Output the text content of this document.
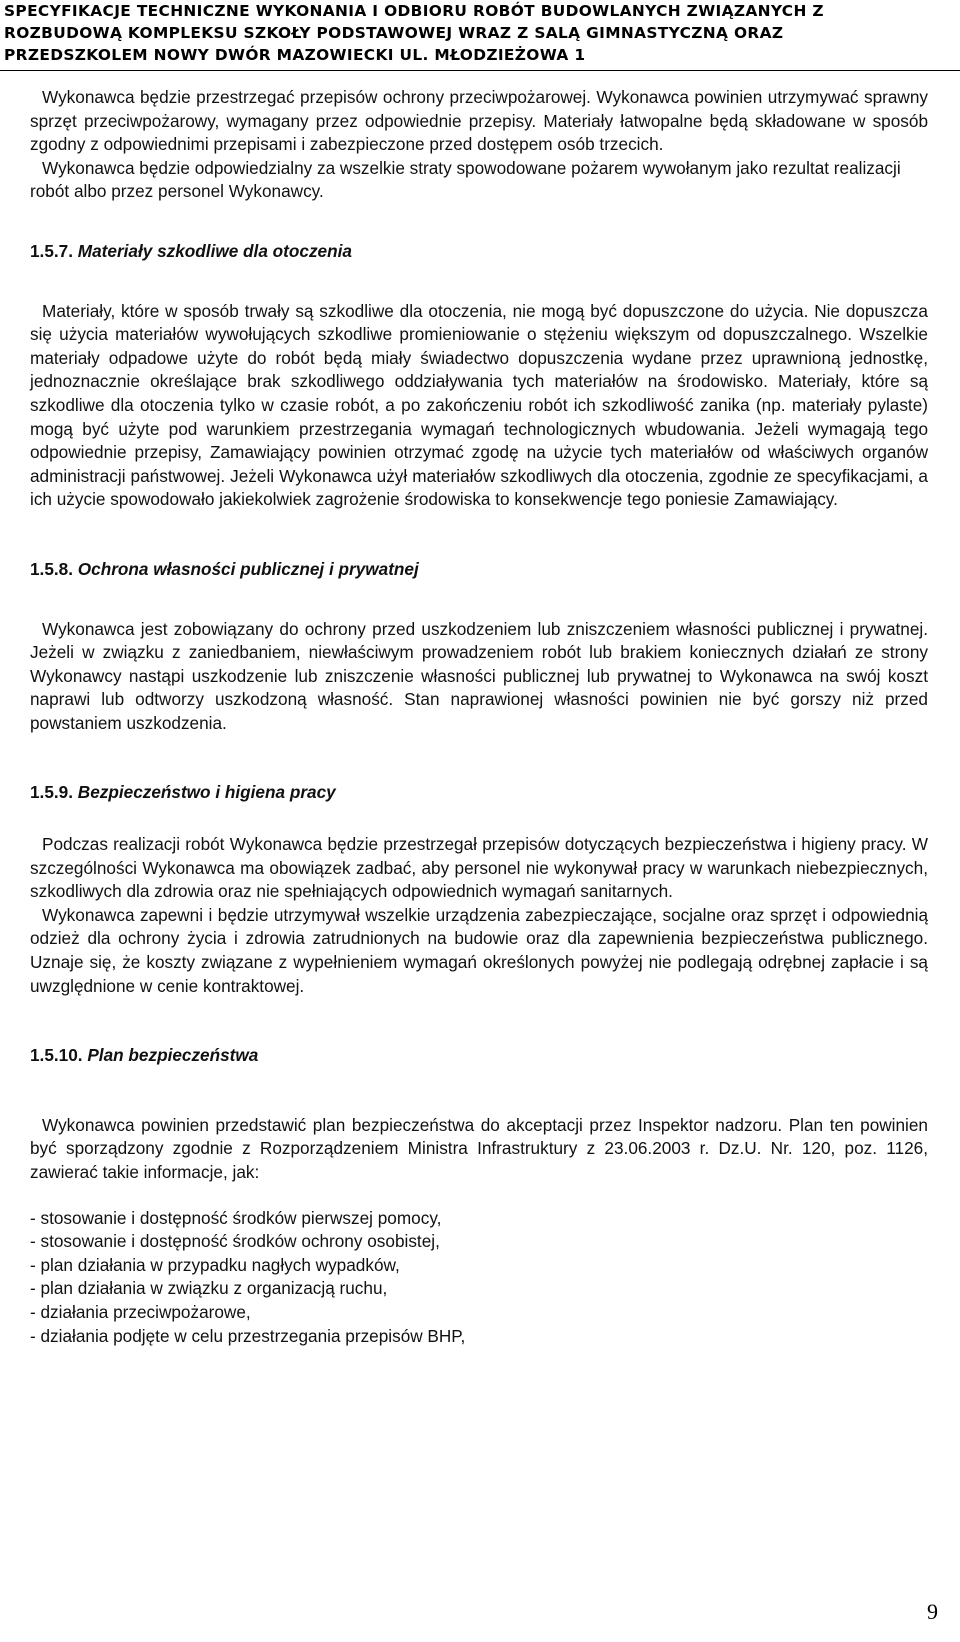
SPECYFIKACJE TECHNICZNE WYKONANIA I ODBIORU ROBÓT BUDOWLANYCH ZWIĄZANYCH Z
ROZBUDOWĄ KOMPLEKSU SZKOŁY PODSTAWOWEJ WRAZ Z SALĄ GIMNASTYCZNĄ ORAZ
PRZEDSZKOLEM NOWY DWÓR MAZOWIECKI UL. MŁODZIEŻOWA 1

Wykonawca będzie przestrzegać przepisów ochrony przeciwpożarowej. Wykonawca powinien utrzymywać sprawny sprzęt przeciwpożarowy, wymagany przez odpowiednie przepisy. Materiały łatwopalne będą składowane w sposób zgodny z odpowiednimi przepisami i zabezpieczone przed dostępem osób trzecich.

Wykonawca będzie odpowiedzialny za wszelkie straty spowodowane pożarem wywołanym jako rezultat realizacji robót albo przez personel Wykonawcy.

1.5.7. Materiały szkodliwe dla otoczenia

Materiały, które w sposób trwały są szkodliwe dla otoczenia, nie mogą być dopuszczone do użycia. Nie dopuszcza się użycia materiałów wywołujących szkodliwe promieniowanie o stężeniu większym od dopuszczalnego. Wszelkie materiały odpadowe użyte do robót będą miały świadectwo dopuszczenia wydane przez uprawnioną jednostkę, jednoznacznie określające brak szkodliwego oddziaływania tych materiałów na środowisko. Materiały, które są szkodliwe dla otoczenia tylko w czasie robót, a po zakończeniu robót ich szkodliwość zanika (np. materiały pylaste) mogą być użyte pod warunkiem przestrzegania wymagań technologicznych wbudowania. Jeżeli wymagają tego odpowiednie przepisy, Zamawiający powinien otrzymać zgodę na użycie tych materiałów od właściwych organów administracji państwowej. Jeżeli Wykonawca użył materiałów szkodliwych dla otoczenia, zgodnie ze specyfikacjami, a ich użycie spowodowało jakiekolwiek zagrożenie środowiska to konsekwencje tego poniesie Zamawiający.

1.5.8. Ochrona własności publicznej i prywatnej

Wykonawca jest zobowiązany do ochrony przed uszkodzeniem lub zniszczeniem własności publicznej i prywatnej. Jeżeli w związku z zaniedbaniem, niewłaściwym prowadzeniem robót lub brakiem koniecznych działań ze strony Wykonawcy nastąpi uszkodzenie lub zniszczenie własności publicznej lub prywatnej to Wykonawca na swój koszt naprawi lub odtworzy uszkodzoną własność. Stan naprawionej własności powinien nie być gorszy niż przed powstaniem uszkodzenia.

1.5.9. Bezpieczeństwo i higiena pracy

Podczas realizacji robót Wykonawca będzie przestrzegał przepisów dotyczących bezpieczeństwa i higieny pracy. W szczególności Wykonawca ma obowiązek zadbać, aby personel nie wykonywał pracy w warunkach niebezpiecznych, szkodliwych dla zdrowia oraz nie spełniających odpowiednich wymagań sanitarnych.

Wykonawca zapewni i będzie utrzymywał wszelkie urządzenia zabezpieczające, socjalne oraz sprzęt i odpowiednią odzież dla ochrony życia i zdrowia zatrudnionych na budowie oraz dla zapewnienia bezpieczeństwa publicznego. Uznaje się, że koszty związane z wypełnieniem wymagań określonych powyżej nie podlegają odrębnej zapłacie i są uwzględnione w cenie kontraktowej.

1.5.10. Plan bezpieczeństwa

Wykonawca powinien przedstawić plan bezpieczeństwa do akceptacji przez Inspektor nadzoru. Plan ten powinien być sporządzony zgodnie z Rozporządzeniem Ministra Infrastruktury z 23.06.2003 r. Dz.U. Nr. 120, poz. 1126, zawierać takie informacje, jak:

- stosowanie i dostępność środków pierwszej pomocy,
- stosowanie i dostępność środków ochrony osobistej,
- plan działania w przypadku nagłych wypadków,
- plan działania w związku z organizacją ruchu,
- działania przeciwpożarowe,
- działania podjęte w celu przestrzegania przepisów BHP,
9
